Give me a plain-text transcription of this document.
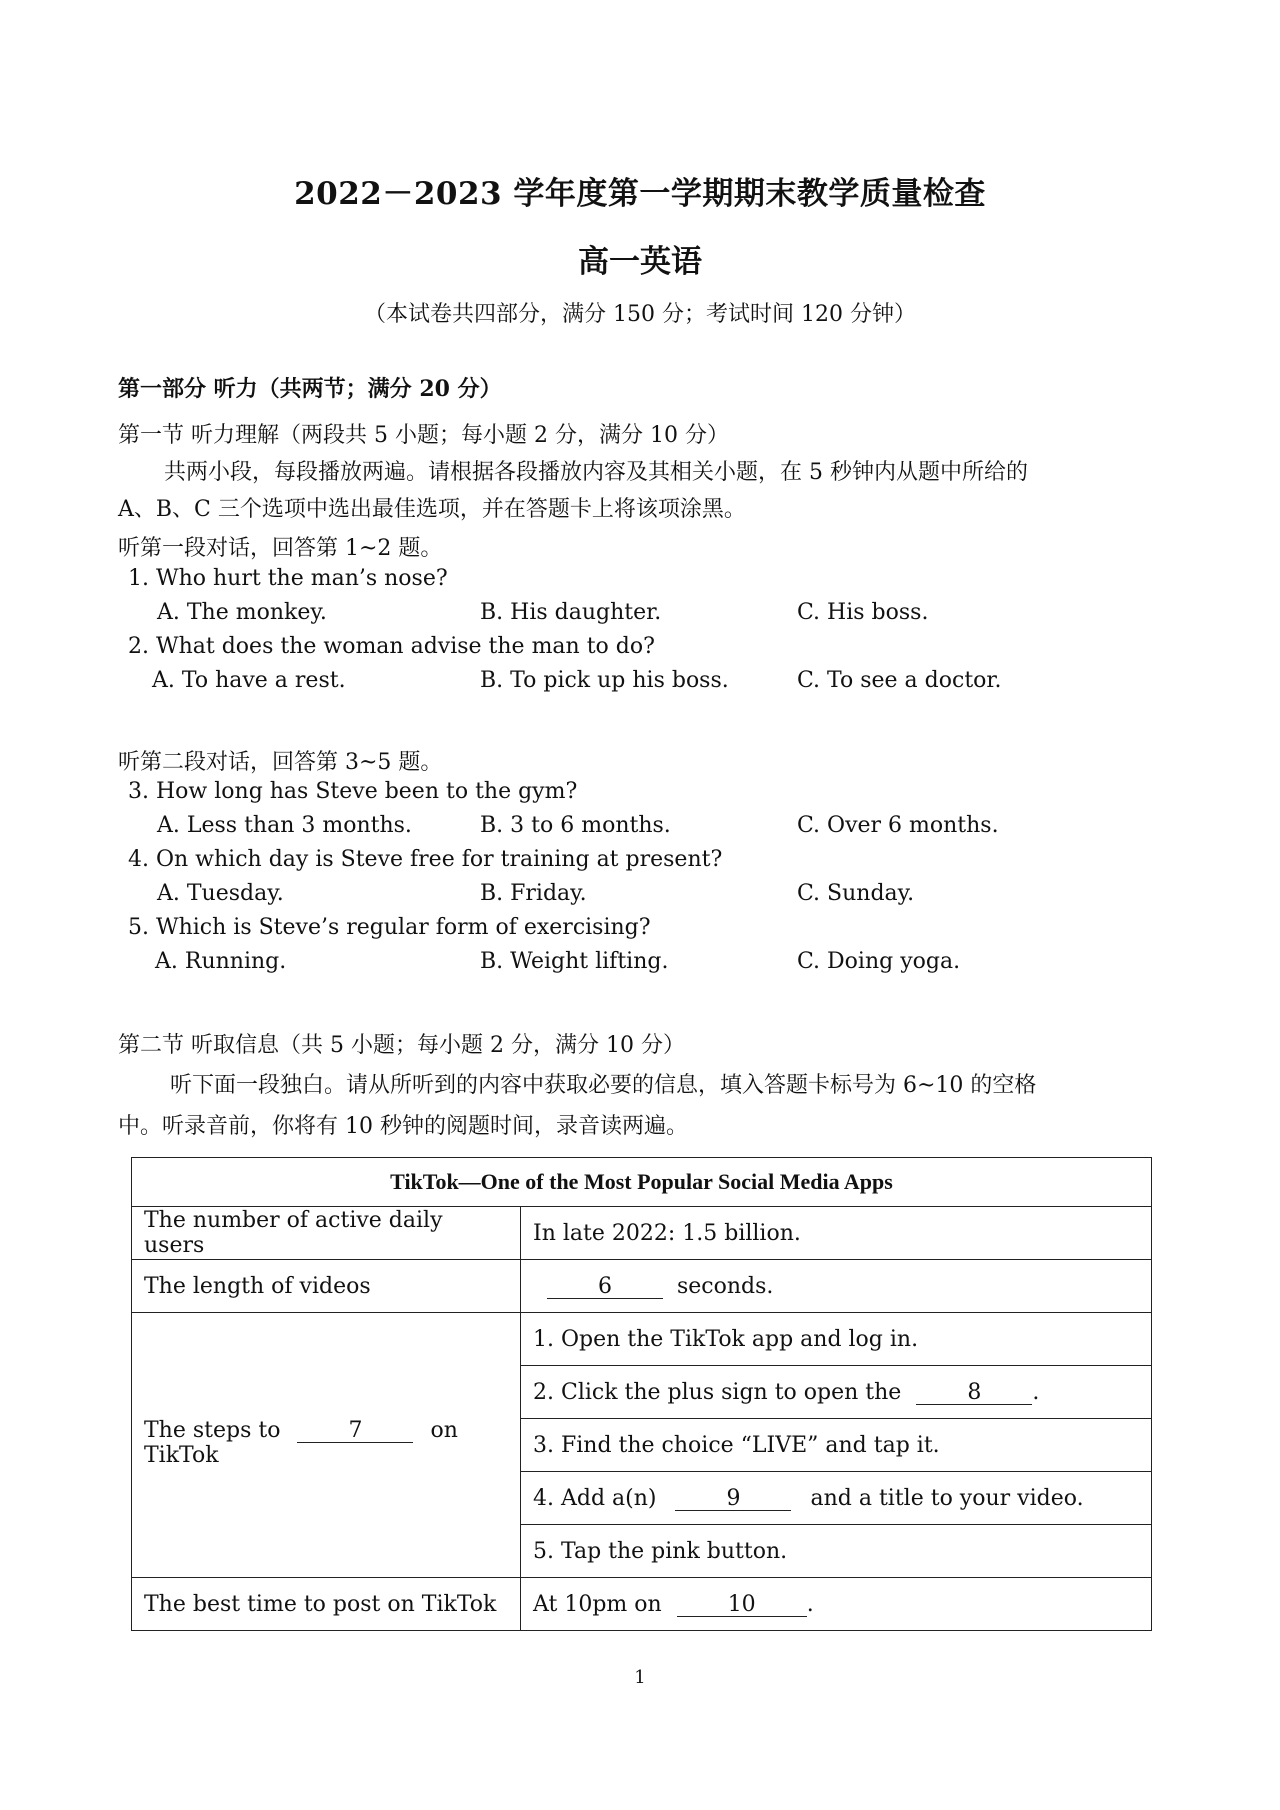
2022－2023 学年度第一学期期末教学质量检查
高一英语
（本试卷共四部分，满分 150 分；考试时间 120 分钟）
第一部分 听力（共两节；满分 20 分）
第一节 听力理解（两段共 5 小题；每小题 2 分，满分 10 分）
共两小段，每段播放两遍。请根据各段播放内容及其相关小题，在 5 秒钟内从题中所给的
A、B、C 三个选项中选出最佳选项，并在答题卡上将该项涂黑。
听第一段对话，回答第 1~2 题。
1. Who hurt the man’s nose?
A. The monkey.	B. His daughter.	C. His boss.
2. What does the woman advise the man to do?
A. To have a rest.	B. To pick up his boss.	C. To see a doctor.
听第二段对话，回答第 3~5 题。
3. How long has Steve been to the gym?
A. Less than 3 months.	B. 3 to 6 months.	C. Over 6 months.
4. On which day is Steve free for training at present?
A. Tuesday.	B. Friday.	C. Sunday.
5. Which is Steve’s regular form of exercising?
A. Running.	B. Weight lifting.	C. Doing yoga.
第二节 听取信息（共 5 小题；每小题 2 分，满分 10 分）
听下面一段独白。请从所听到的内容中获取必要的信息，填入答题卡标号为 6~10 的空格
中。听录音前，你将有 10 秒钟的阅题时间，录音读两遍。
TikTok—One of the Most Popular Social Media Apps	
The number of active daily users	In late 2022: 1.5 billion.
The length of videos	6 seconds.

The steps to 7 on
TikTok	1. Open the TikTok app and log in.
	2. Click the plus sign to open the 8 .
	3. Find the choice “LIVE” and tap it.
	4. Add a(n) 9 and a title to your video.
	5. Tap the pink button.
The best time to post on TikTok	At 10pm on 10 .
1
